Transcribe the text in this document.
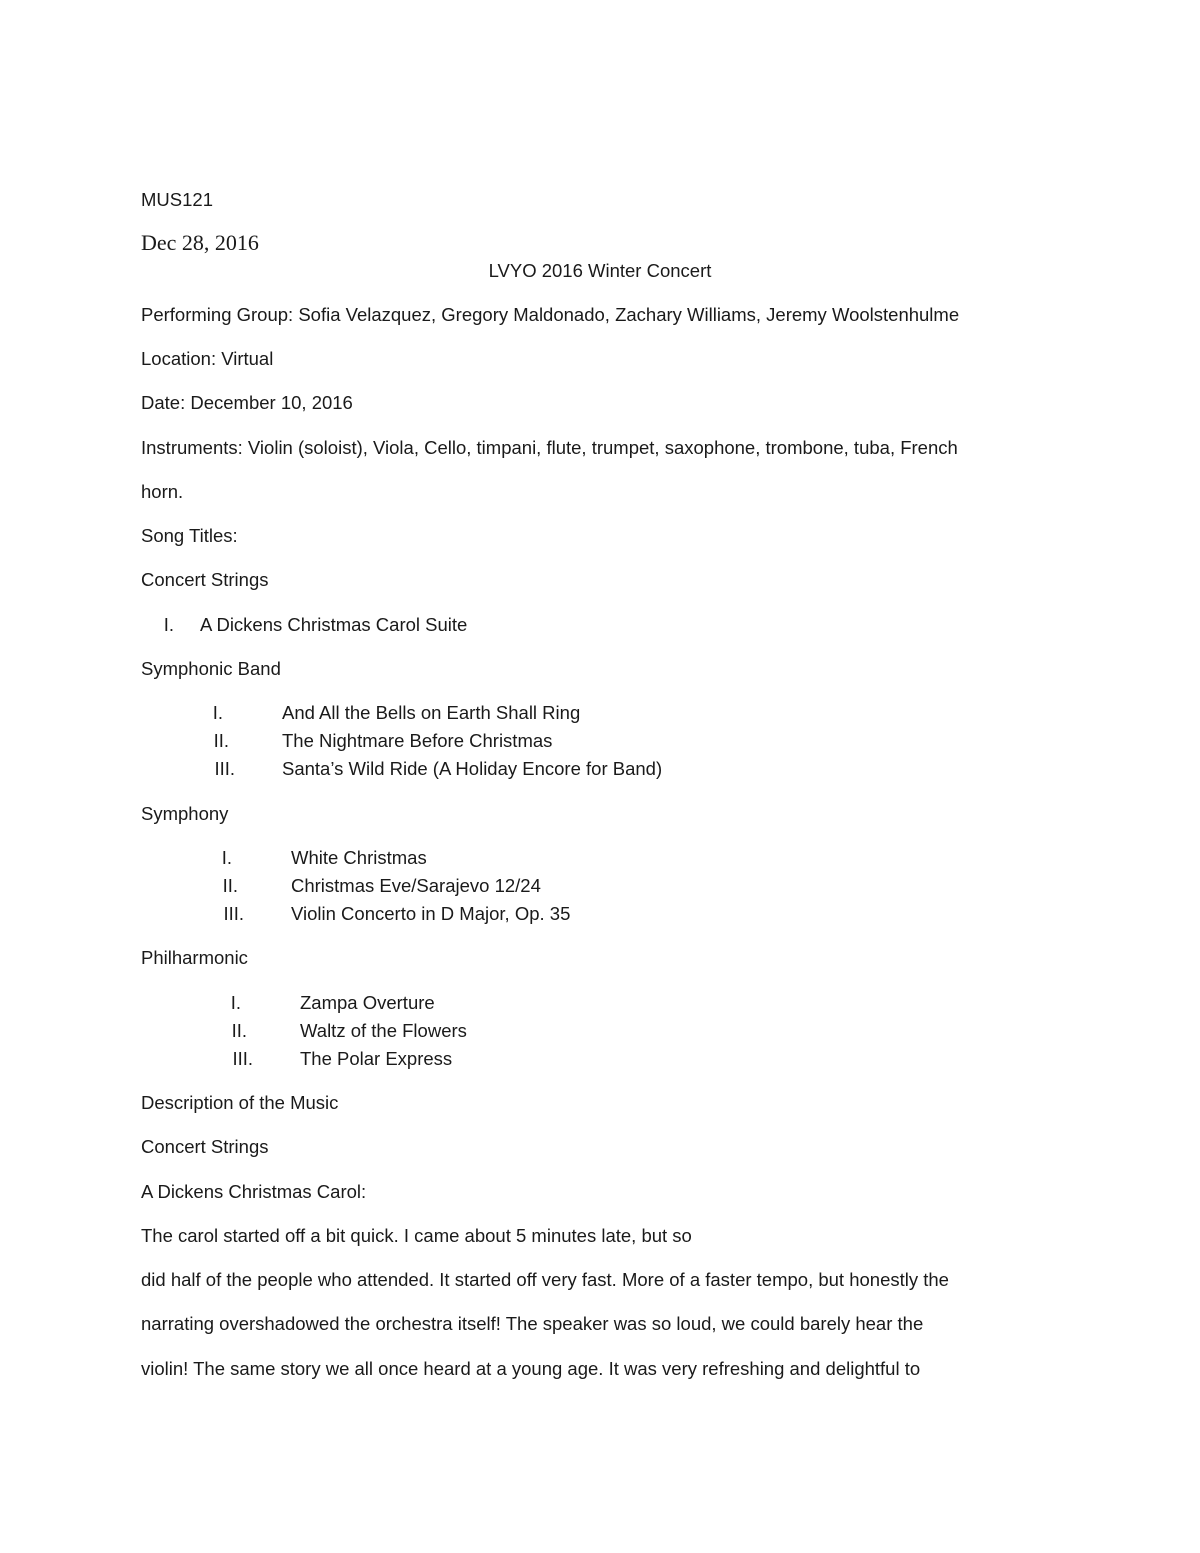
MUS121
Dec 28, 2016
LVYO 2016 Winter Concert
Performing Group: Sofia Velazquez, Gregory Maldonado, Zachary Williams, Jeremy Woolstenhulme
Location: Virtual
Date: December 10, 2016
Instruments: Violin (soloist), Viola, Cello, timpani, flute, trumpet, saxophone, trombone, tuba, French
horn.
Song Titles:
Concert Strings
I. A Dickens Christmas Carol Suite
Symphonic Band
I.	And All the Bells on Earth Shall Ring
II.	The Nightmare Before Christmas
III.	Santa’s Wild Ride (A Holiday Encore for Band)
Symphony
I.	White Christmas
II.	Christmas Eve/Sarajevo 12/24
III.	Violin Concerto in D Major, Op. 35
Philharmonic
I.	Zampa Overture
II.	Waltz of the Flowers
III.	The Polar Express
Description of the Music
Concert Strings
A Dickens Christmas Carol:
The carol started off a bit quick. I came about 5 minutes late, but so
did half of the people who attended. It started off very fast. More of a faster tempo, but honestly the
narrating overshadowed the orchestra itself! The speaker was so loud, we could barely hear the
violin! The same story we all once heard at a young age. It was very refreshing and delightful to
